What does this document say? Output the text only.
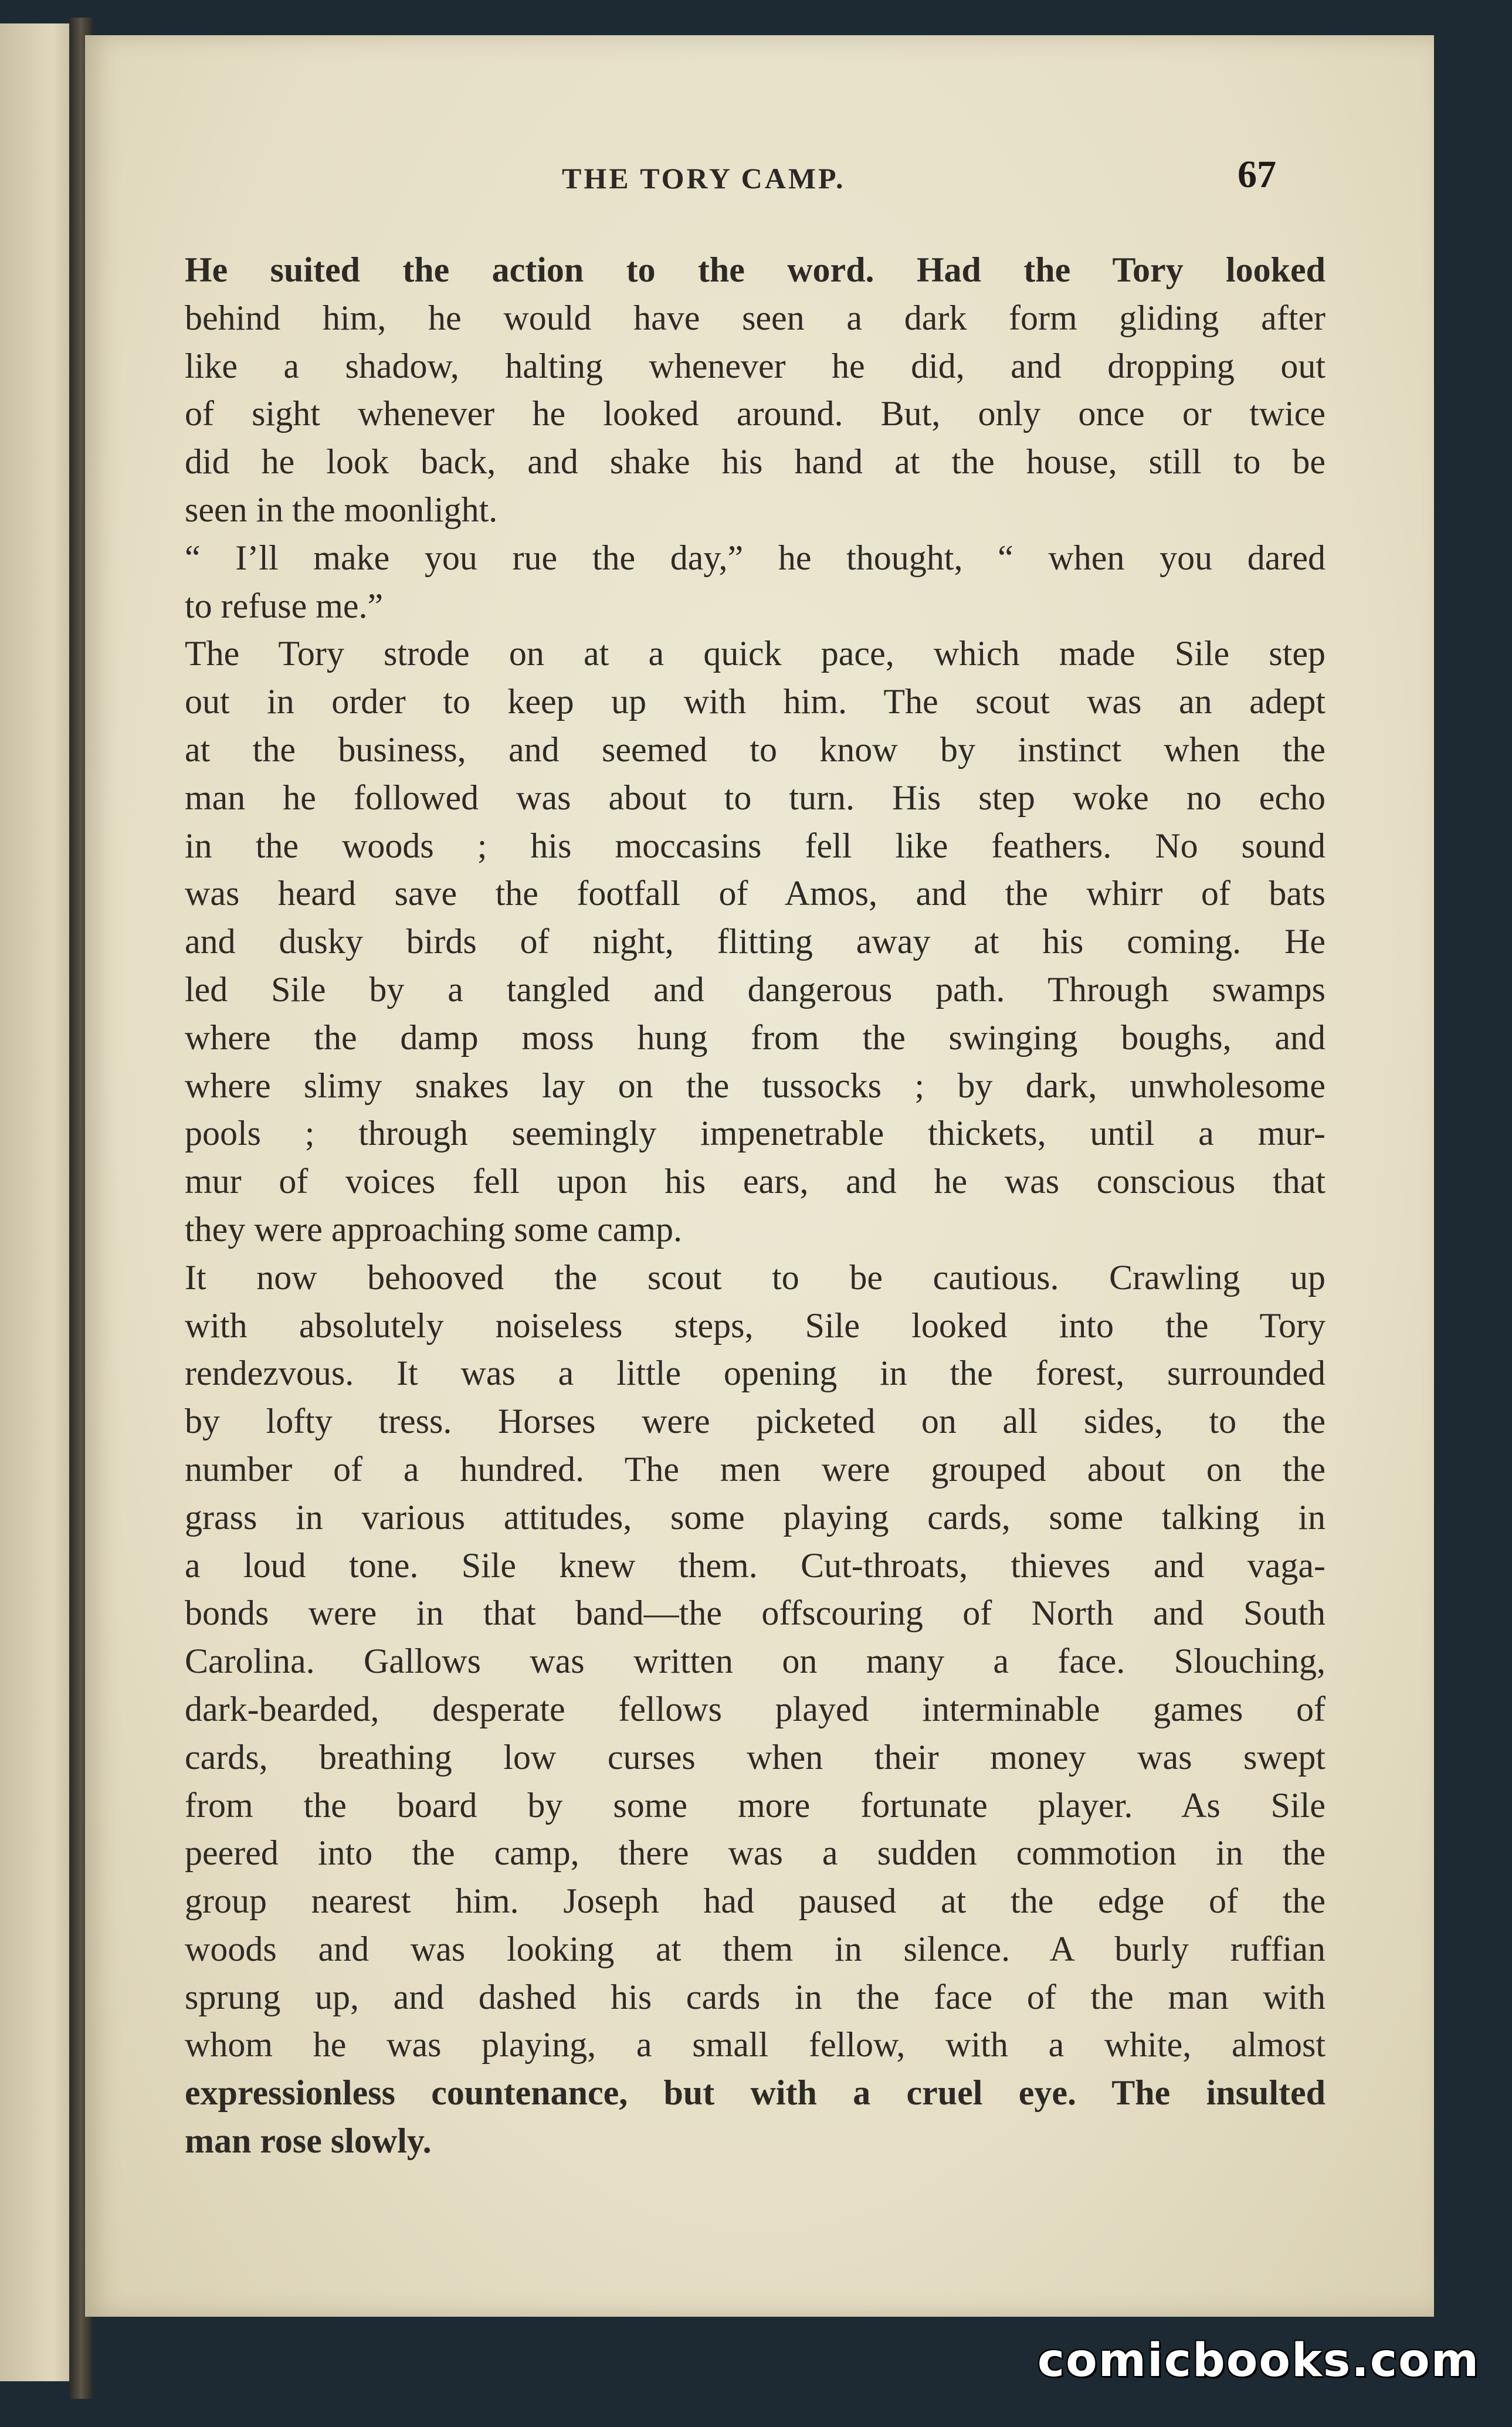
THE TORY CAMP.	67

He suited the action to the word. Had the Tory looked
behind him, he would have seen a dark form gliding after
like a shadow, halting whenever he did, and dropping out
of sight whenever he looked around. But, only once or twice
did he look back, and shake his hand at the house, still to be
seen in the moonlight.

“ I’ll make you rue the day,” he thought, “ when you dared
to refuse me.”

The Tory strode on at a quick pace, which made Sile step
out in order to keep up with him. The scout was an adept
at the business, and seemed to know by instinct when the
man he followed was about to turn. His step woke no echo
in the woods ; his moccasins fell like feathers. No sound
was heard save the footfall of Amos, and the whirr of bats
and dusky birds of night, flitting away at his coming. He
led Sile by a tangled and dangerous path. Through swamps
where the damp moss hung from the swinging boughs, and
where slimy snakes lay on the tussocks ; by dark, unwholesome
pools ; through seemingly impenetrable thickets, until a mur-
mur of voices fell upon his ears, and he was conscious that
they were approaching some camp.

It now behooved the scout to be cautious. Crawling up
with absolutely noiseless steps, Sile looked into the Tory
rendezvous. It was a little opening in the forest, surrounded
by lofty tress. Horses were picketed on all sides, to the
number of a hundred. The men were grouped about on the
grass in various attitudes, some playing cards, some talking in
a loud tone. Sile knew them. Cut-throats, thieves and vaga-
bonds were in that band—the offscouring of North and South
Carolina. Gallows was written on many a face. Slouching,
dark-bearded, desperate fellows played interminable games of
cards, breathing low curses when their money was swept
from the board by some more fortunate player. As Sile
peered into the camp, there was a sudden commotion in the
group nearest him. Joseph had paused at the edge of the
woods and was looking at them in silence. A burly ruffian
sprung up, and dashed his cards in the face of the man with
whom he was playing, a small fellow, with a white, almost
expressionless countenance, but with a cruel eye. The insulted
man rose slowly.

comicbooks.com
